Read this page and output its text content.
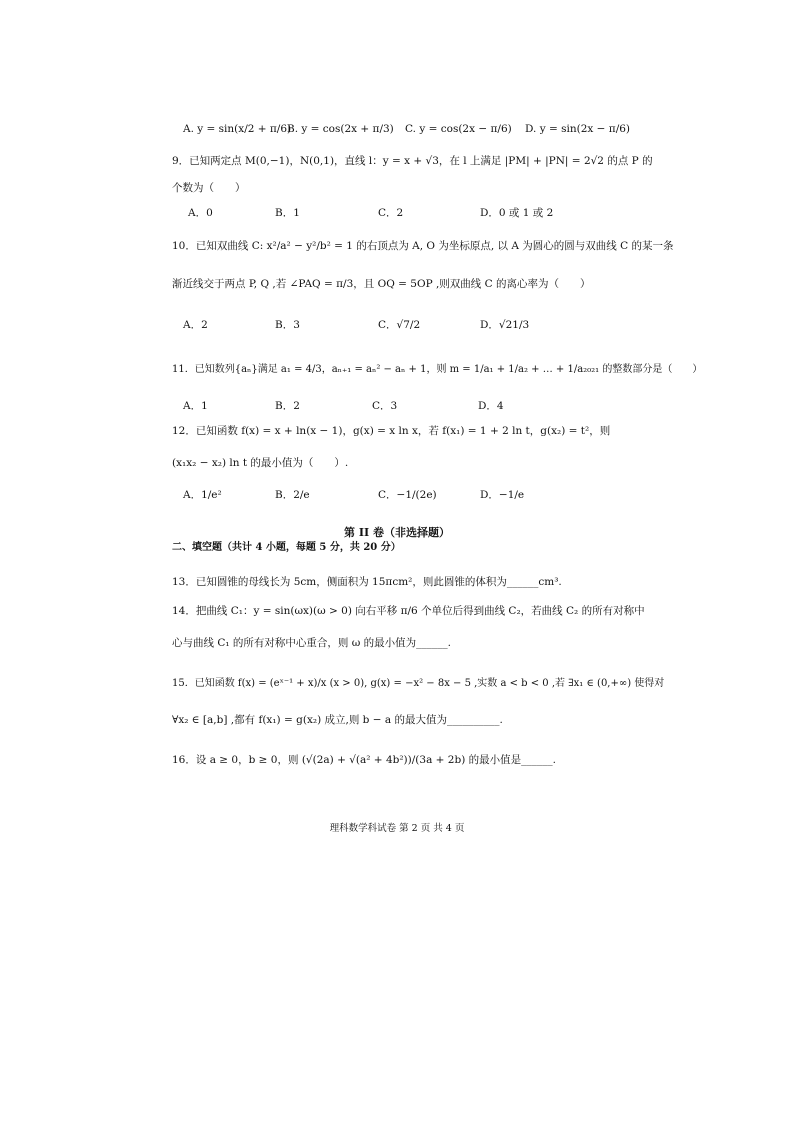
A. y = sin(x/2 + π/6)
B. y = cos(2x + π/3) C. y = cos(2x − π/6) D. y = sin(2x − π/6)
9．已知两定点 M(0,−1)，N(0,1)，直线 l：y = x + √3，在 l 上满足 |PM| + |PN| = 2√2 的点 P 的
个数为（　　）
A．0	B．1	C．2	D．0 或 1 或 2
10．已知双曲线 C: x²/a² − y²/b² = 1 的右顶点为 A, O 为坐标原点, 以 A 为圆心的圆与双曲线 C 的某一条
渐近线交于两点 P, Q ,若 ∠PAQ = π/3，且 OQ = 5OP ,则双曲线 C 的离心率为（　　）
A．2	B．3	C．√7/2	D．√21/3
11．已知数列{aₙ}满足 a₁ = 4/3，aₙ₊₁ = aₙ² − aₙ + 1，则 m = 1/a₁ + 1/a₂ + … + 1/a₂₀₂₁ 的整数部分是（　　）
A．1	B．2	C．3	D．4
12．已知函数 f(x) = x + ln(x − 1)，g(x) = x ln x，若 f(x₁) = 1 + 2 ln t，g(x₂) = t²，则
(x₁x₂ − x₂) ln t 的最小值为（　　）.
A．1/e²	B．2/e	C．−1/(2e)	D．−1/e
第 II 卷（非选择题）
二、填空题（共计 4 小题，每题 5 分，共 20 分）
13．已知圆锥的母线长为 5cm，侧面积为 15πcm²，则此圆锥的体积为______cm³.
14．把曲线 C₁：y = sin(ωx)(ω > 0) 向右平移 π/6 个单位后得到曲线 C₂，若曲线 C₂ 的所有对称中
心与曲线 C₁ 的所有对称中心重合，则 ω 的最小值为______.
15．已知函数 f(x) = (eˣ⁻¹ + x)/x (x > 0), g(x) = −x² − 8x − 5 ,实数 a < b < 0 ,若 ∃x₁ ∈ (0,+∞) 使得对
∀x₂ ∈ [a,b] ,都有 f(x₁) = g(x₂) 成立,则 b − a 的最大值为__________.
16．设 a ≥ 0，b ≥ 0，则 (√(2a) + √(a² + 4b²))/(3a + 2b) 的最小值是______.
理科数学科试卷 第 2 页 共 4 页
